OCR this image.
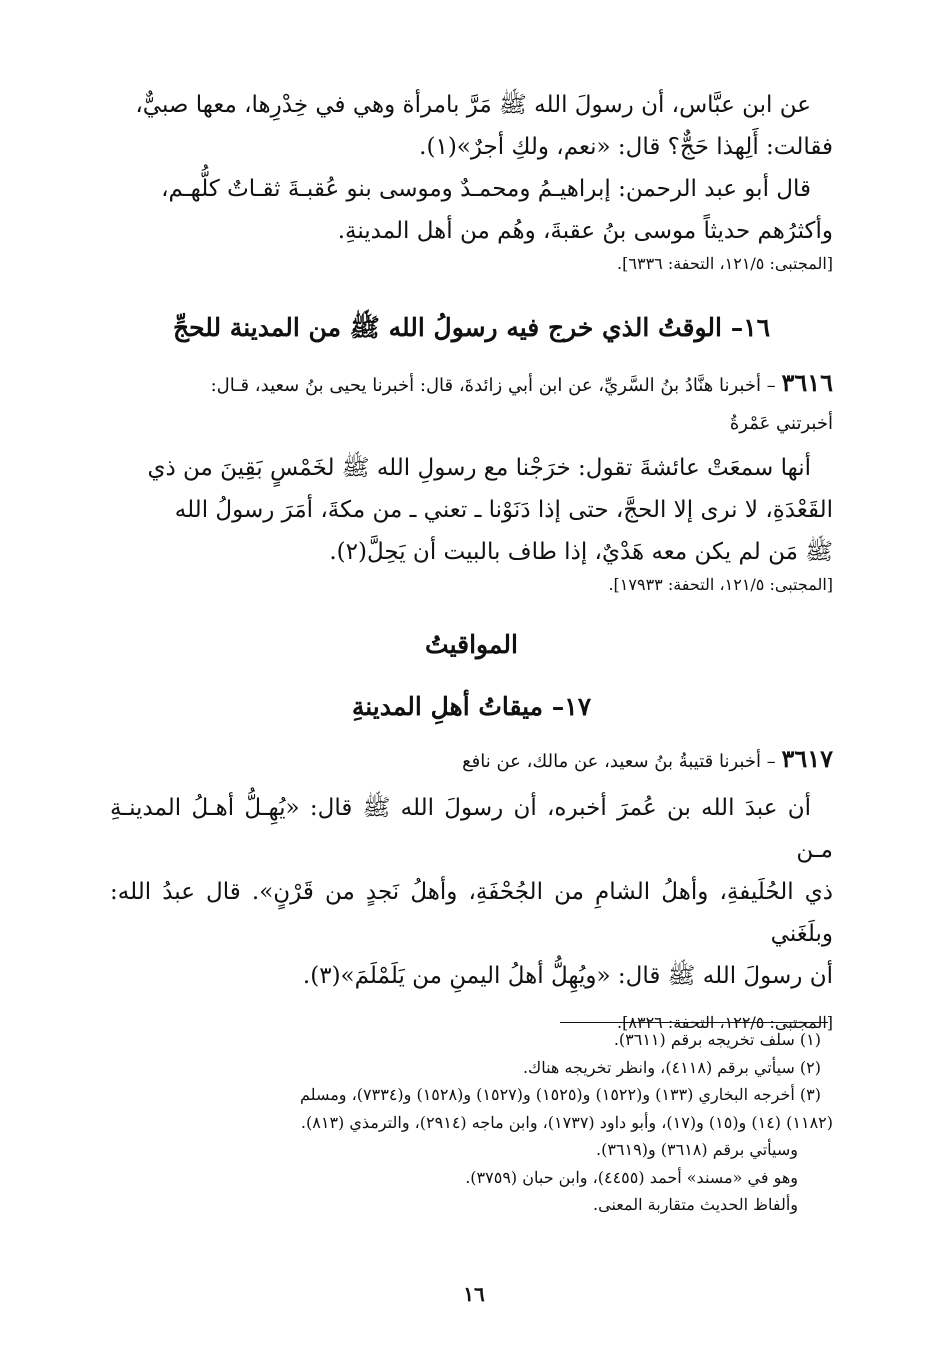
عن ابن عبَّاس، أن رسولَ الله ﷺ مَرَّ بامرأة وهي في خِدْرِها، معها صبيٌّ،

فقالت: أَلِهذا حَجٌّ؟ قال: «نعم، ولكِ أجرٌ»(١).

قال أبو عبد الرحمن: إبراهيـمُ ومحمـدٌ وموسى بنو عُقبـةَ ثقـاتٌ كلُّهـم،

وأكثرُهم حديثاً موسى بنُ عقبةَ، وهُم من أهل المدينةِ.

[المجتبى: ١٢١/٥، التحفة: ٦٣٣٦].

١٦– الوقتُ الذي خرج فيه رسولُ الله ﷺ من المدينة للحجِّ

٣٦١٦ – أخبرنا هنَّادُ بنُ السَّريِّ، عن ابن أبي زائدةَ، قال: أخبرنا يحيى بنُ سعيد، قـال:

أخبرتني عَمْرةُ

أنها سمعَتْ عائشةَ تقول: خرَجْنا مع رسولِ الله ﷺ لخَمْسٍ بَقِينَ من ذي

القَعْدَةِ، لا نرى إلا الحجَّ، حتى إذا دَنَوْنا ـ تعني ـ من مكةَ، أمَرَ رسولُ الله

ﷺ مَن لم يكن معه هَدْيٌ، إذا طاف بالبيت أن يَحِلَّ(٢).

[المجتبى: ١٢١/٥، التحفة: ١٧٩٣٣].

المواقيتُ
١٧– ميقاتُ أهلِ المدينةِ

٣٦١٧ – أخبرنا قتيبةُ بنُ سعيد، عن مالك، عن نافع

أن عبدَ الله بن عُمرَ أخبره، أن رسولَ الله ﷺ قال: «يُهِـلُّ أهـلُ المدينـةِ مـن

ذي الحُلَيفةِ، وأهلُ الشامِ من الجُحْفَةِ، وأهلُ نَجدٍ من قَرْنٍ». قال عبدُ الله: وبلَغَني

أن رسولَ الله ﷺ قال: «ويُهِلُّ أهلُ اليمنِ من يَلَمْلَمَ»(٣).

[المجتبى: ١٢٢/٥، التحفة: ٨٣٢٦].

(١) سلف تخريجه برقم (٣٦١١).

(٢) سيأتي برقم (٤١١٨)، وانظر تخريجه هناك.

(٣) أخرجه البخاري (١٣٣) و(١٥٢٢) و(١٥٢٥) و(١٥٢٧) و(١٥٢٨) و(٧٣٣٤)، ومسلم

(١١٨٢) (١٤) و(١٥) و(١٧)، وأبو داود (١٧٣٧)، وابن ماجه (٢٩١٤)، والترمذي (٨١٣).

وسيأتي برقم (٣٦١٨) و(٣٦١٩).

وهو في «مسند» أحمد (٤٤٥٥)، وابن حبان (٣٧٥٩).

وألفاظ الحديث متقاربة المعنى.

١٦
